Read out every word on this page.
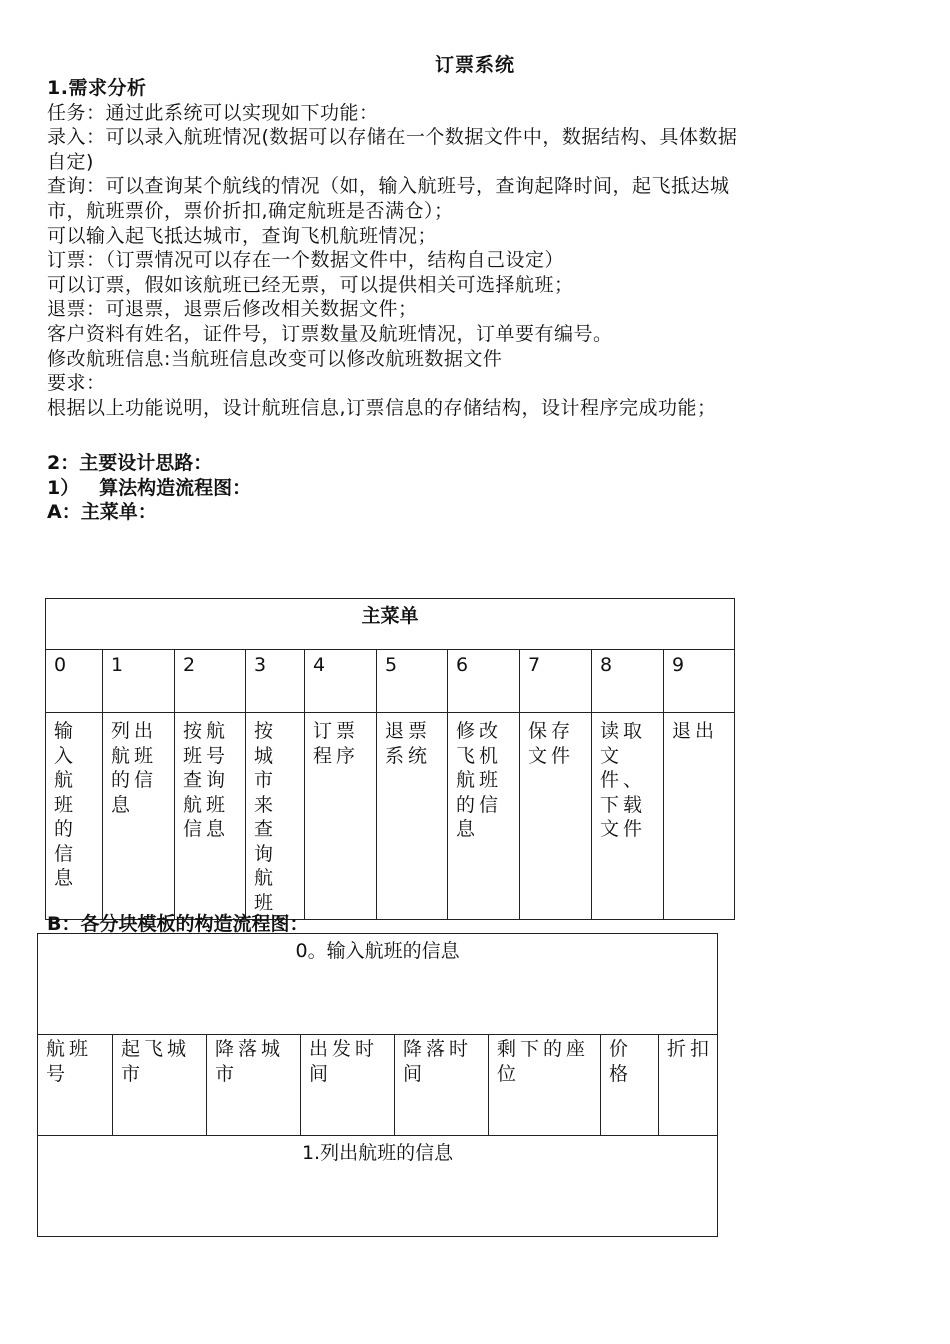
订票系统
1.需求分析
任务：通过此系统可以实现如下功能：
录入：可以录入航班情况(数据可以存储在一个数据文件中，数据结构、具体数据
自定)
查询：可以查询某个航线的情况（如，输入航班号，查询起降时间，起飞抵达城
市，航班票价，票价折扣,确定航班是否满仓）；
可以输入起飞抵达城市，查询飞机航班情况；
订票：（订票情况可以存在一个数据文件中，结构自己设定）
可以订票，假如该航班已经无票，可以提供相关可选择航班；
退票：可退票，退票后修改相关数据文件；
客户资料有姓名，证件号，订票数量及航班情况，订单要有编号。
修改航班信息:当航班信息改变可以修改航班数据文件
要求：
根据以上功能说明，设计航班信息,订票信息的存储结构，设计程序完成功能；
2：主要设计思路：
1）   算法构造流程图：
A：主菜单：
主菜单									
0	1	2	3	4	5	6	7	8	9
输入航班的信息	列出航班的信息	按航班号查询航班信息	按城市来查询航班	订票程序	退票系统	修改飞机航班的信息	保存文件	读取文件、下载文件	退出
B：各分块模板的构造流程图：
0。输入航班的信息
航班号	起飞城市	降落城市	出发时间	降落时间	剩下的座位	价格	折扣
1.列出航班的信息
